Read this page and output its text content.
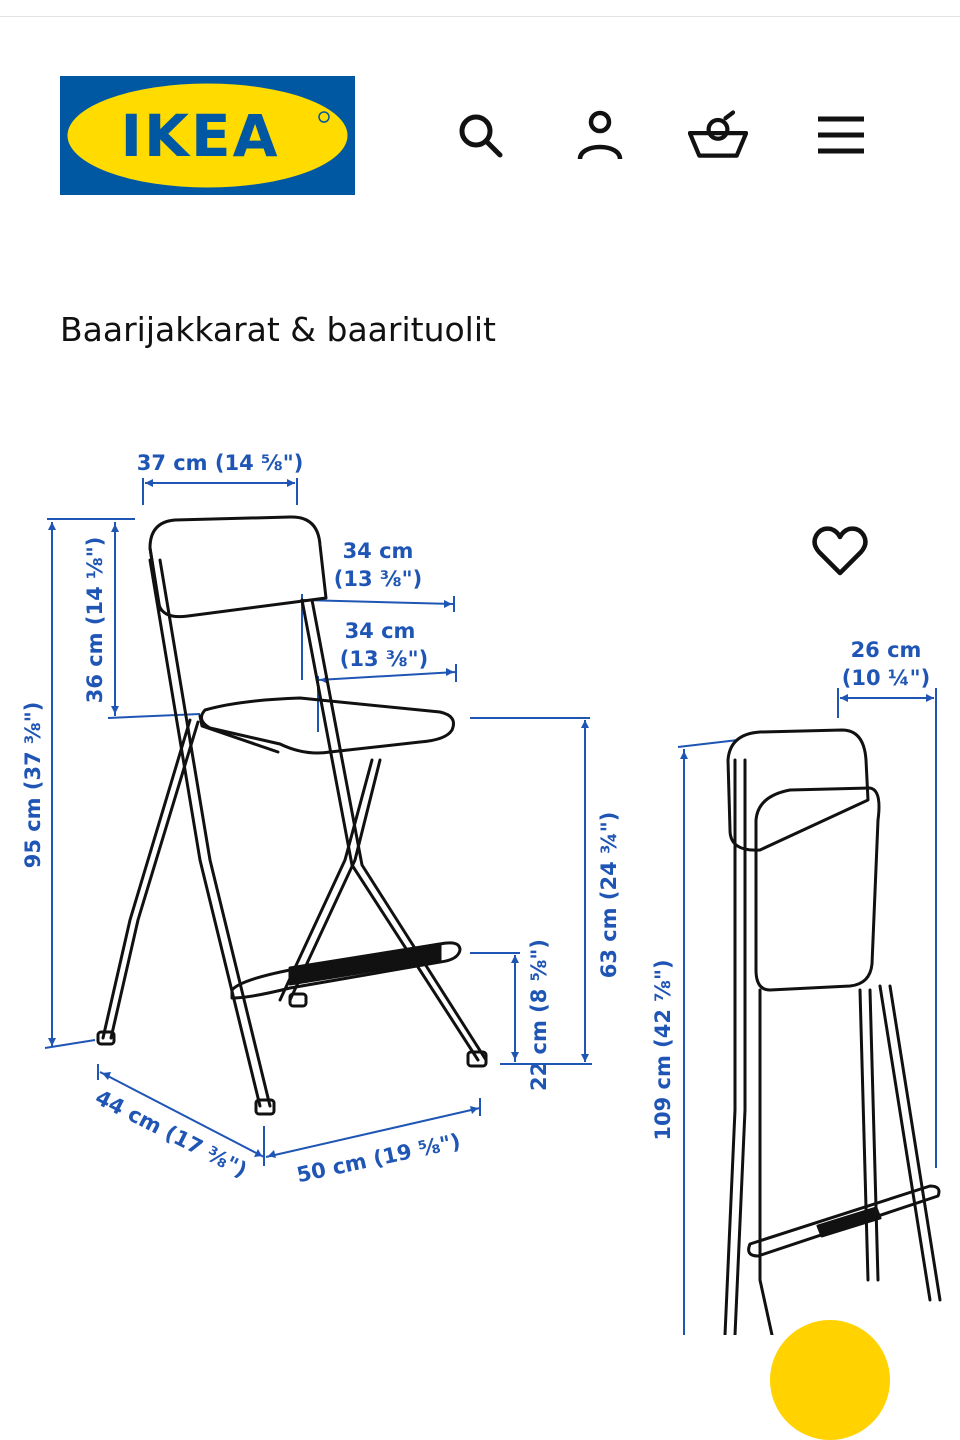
IKEA
Baarijakkarat & baarituolit
37 cm (14 ⅝")
34 cm
(13 ⅜")
34 cm
(13 ⅜")
36 cm (14 ⅛")
95 cm (37 ⅜")
63 cm (24 ¾")
22 cm (8 ⅝")
44 cm (17 ⅜") 50 cm (19 ⅝")
26 cm
(10 ¼")
109 cm (42 ⅞")
